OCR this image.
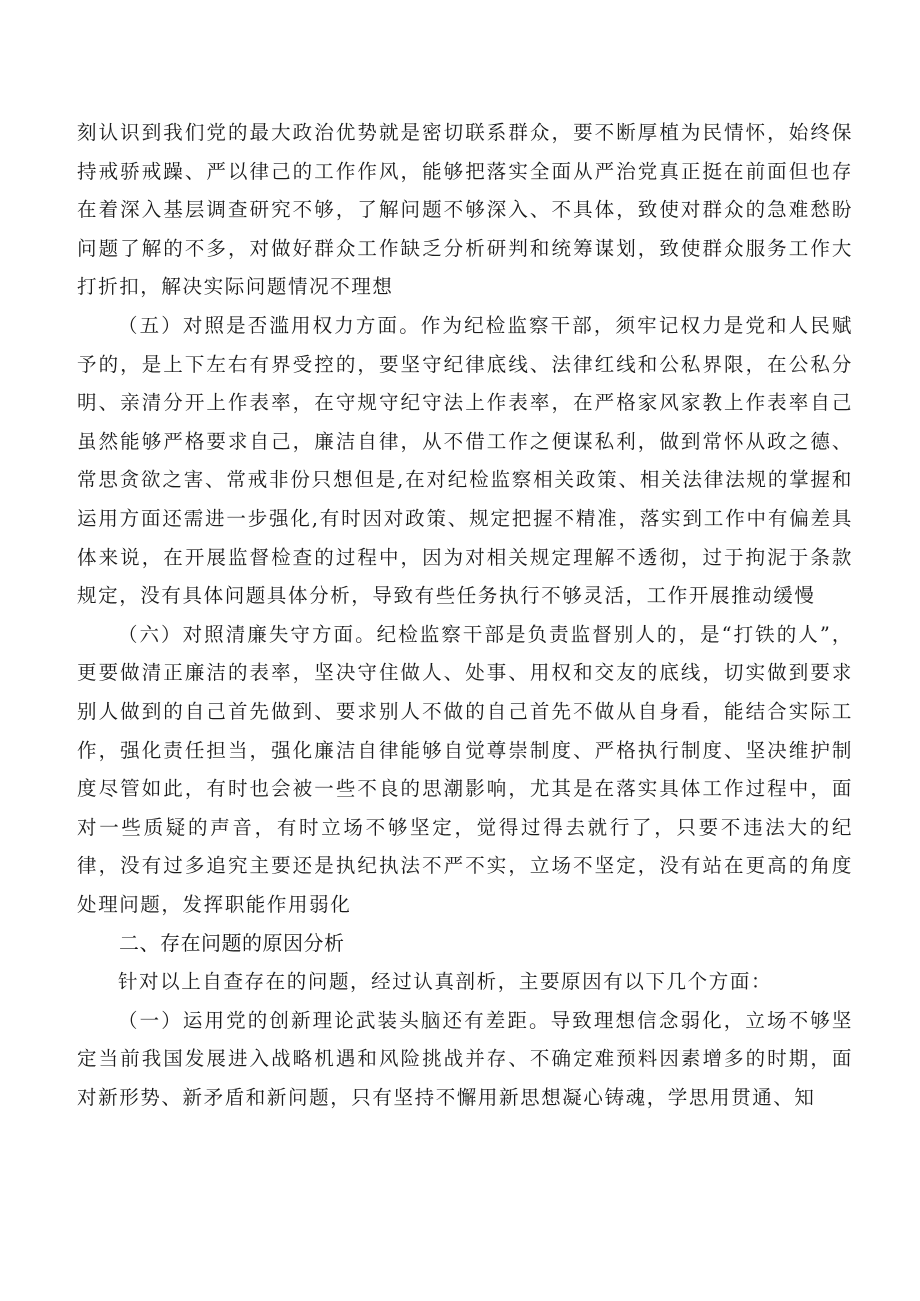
刻认识到我们党的最大政治优势就是密切联系群众，要不断厚植为民情怀，始终保持戒骄戒躁、严以律己的工作作风，能够把落实全面从严治党真正挺在前面但也存在着深入基层调查研究不够，了解问题不够深入、不具体，致使对群众的急难愁盼问题了解的不多，对做好群众工作缺乏分析研判和统筹谋划，致使群众服务工作大打折扣，解决实际问题情况不理想

（五）对照是否滥用权力方面。作为纪检监察干部，须牢记权力是党和人民赋予的，是上下左右有界受控的，要坚守纪律底线、法律红线和公私界限，在公私分明、亲清分开上作表率，在守规守纪守法上作表率，在严格家风家教上作表率自己虽然能够严格要求自己，廉洁自律，从不借工作之便谋私利，做到常怀从政之德、常思贪欲之害、常戒非份只想但是,在对纪检监察相关政策、相关法律法规的掌握和运用方面还需进一步强化,有时因对政策、规定把握不精准，落实到工作中有偏差具体来说，在开展监督检查的过程中，因为对相关规定理解不透彻，过于拘泥于条款规定，没有具体问题具体分析，导致有些任务执行不够灵活，工作开展推动缓慢

（六）对照清廉失守方面。纪检监察干部是负责监督别人的，是“打铁的人”，更要做清正廉洁的表率，坚决守住做人、处事、用权和交友的底线，切实做到要求别人做到的自己首先做到、要求别人不做的自己首先不做从自身看，能结合实际工作，强化责任担当，强化廉洁自律能够自觉尊崇制度、严格执行制度、坚决维护制度尽管如此，有时也会被一些不良的思潮影响，尤其是在落实具体工作过程中，面对一些质疑的声音，有时立场不够坚定，觉得过得去就行了，只要不违法大的纪律，没有过多追究主要还是执纪执法不严不实，立场不坚定，没有站在更高的角度处理问题，发挥职能作用弱化

二、存在问题的原因分析

针对以上自查存在的问题，经过认真剖析，主要原因有以下几个方面：

（一）运用党的创新理论武装头脑还有差距。导致理想信念弱化，立场不够坚定当前我国发展进入战略机遇和风险挑战并存、不确定难预料因素增多的时期，面对新形势、新矛盾和新问题，只有坚持不懈用新思想凝心铸魂，学思用贯通、知
